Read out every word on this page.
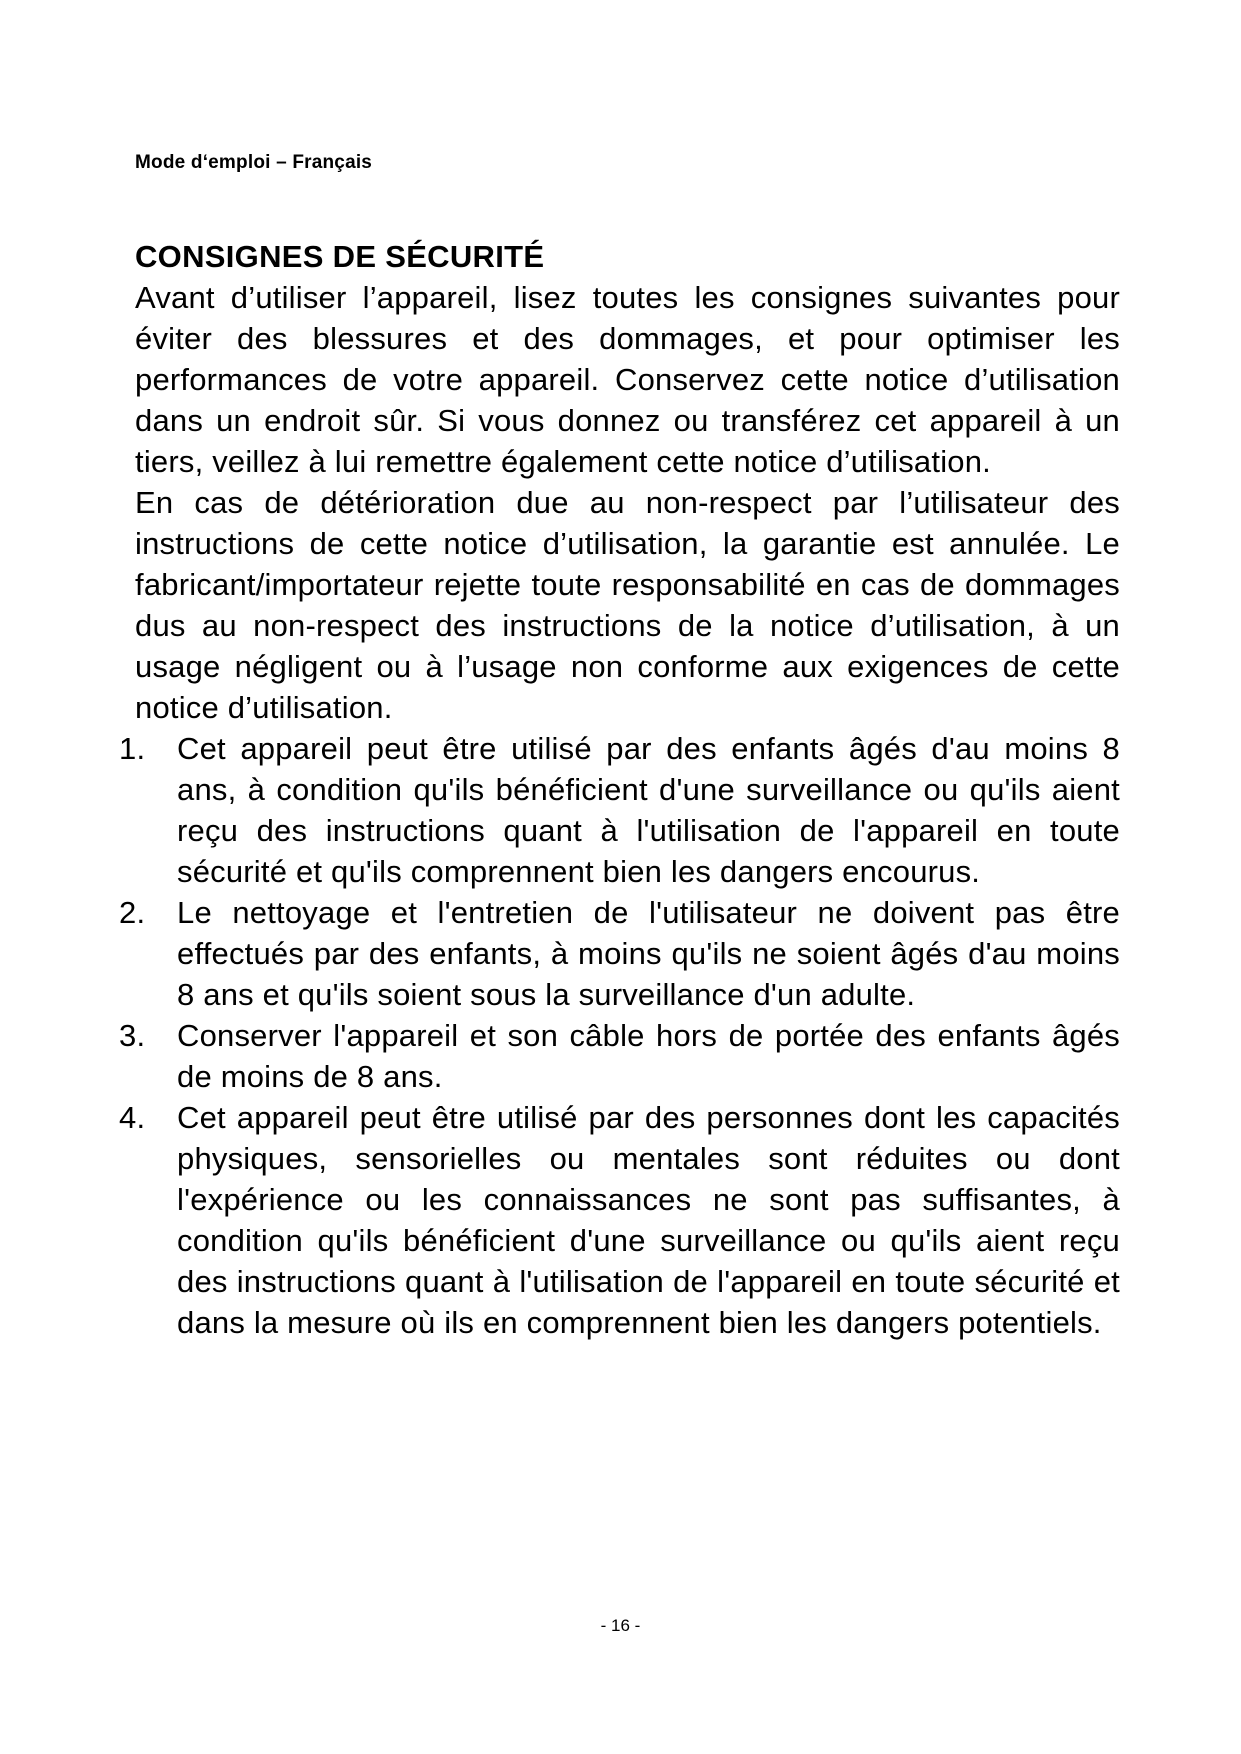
Mode d‘emploi – Français
CONSIGNES DE SÉCURITÉ

Avant d’utiliser l’appareil, lisez toutes les consignes suivantes pour éviter des blessures et des dommages, et pour optimiser les performances de votre appareil. Conservez cette notice d’utilisation dans un endroit sûr. Si vous donnez ou transférez cet appareil à un tiers, veillez à lui remettre également cette notice d’utilisation.

En cas de détérioration due au non-respect par l’utilisateur des instructions de cette notice d’utilisation, la garantie est annulée. Le fabricant/importateur rejette toute responsabilité en cas de dommages dus au non-respect des instructions de la notice d’utilisation, à un usage négligent ou à l’usage non conforme aux exigences de cette notice d’utilisation.

1. Cet appareil peut être utilisé par des enfants âgés d'au moins 8 ans, à condition qu'ils bénéficient d'une surveillance ou qu'ils aient reçu des instructions quant à l'utilisation de l'appareil en toute sécurité et qu'ils comprennent bien les dangers encourus.
2. Le nettoyage et l'entretien de l'utilisateur ne doivent pas être effectués par des enfants, à moins qu'ils ne soient âgés d'au moins 8 ans et qu'ils soient sous la surveillance d'un adulte.
3. Conserver l'appareil et son câble hors de portée des enfants âgés de moins de 8 ans.
4. Cet appareil peut être utilisé par des personnes dont les capacités physiques, sensorielles ou mentales sont réduites ou dont l'expérience ou les connaissances ne sont pas suffisantes, à condition qu'ils bénéficient d'une surveillance ou qu'ils aient reçu des instructions quant à l'utilisation de l'appareil en toute sécurité et dans la mesure où ils en comprennent bien les dangers potentiels.
- 16 -
